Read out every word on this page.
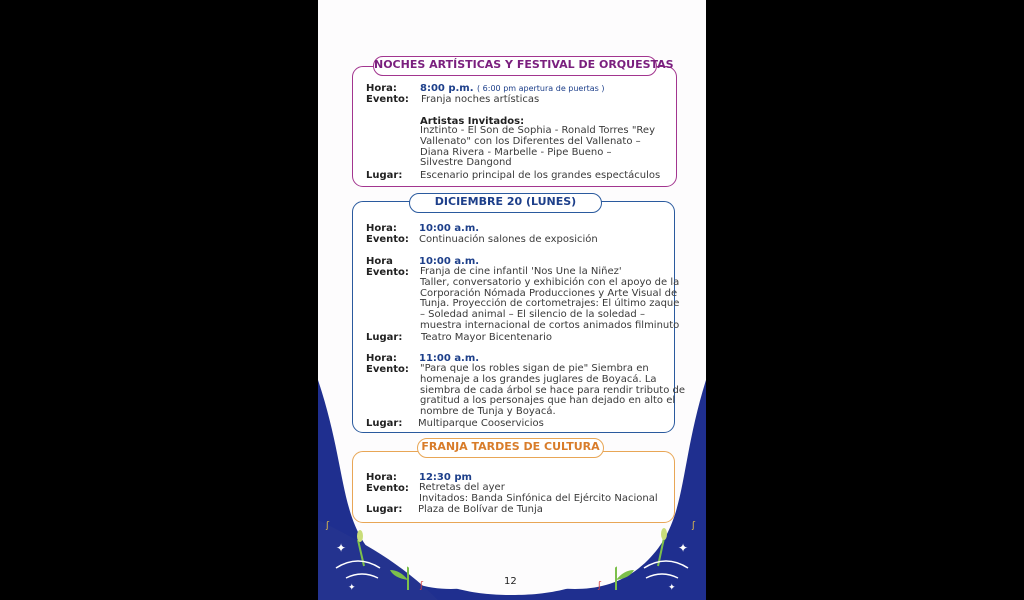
✦
✦
ʃ
ʃ
✦
✦
ʃ
ʃ
NOCHES ARTÍSTICAS Y FESTIVAL DE ORQUESTAS
Hora: 8:00 p.m. ( 6:00 pm apertura de puertas )
Evento: Franja noches artísticas
Artistas Invitados:
Inztinto - El Son de Sophia - Ronald Torres "Rey
Vallenato" con los Diferentes del Vallenato –
Diana Rivera - Marbelle - Pipe Bueno –
Silvestre Dangond
Lugar: Escenario principal de los grandes espectáculos
DICIEMBRE 20 (LUNES)
Hora: 10:00 a.m.
Evento: Continuación salones de exposición
Hora	10:00 a.m.
Evento: Franja de cine infantil 'Nos Une la Niñez'
Taller, conversatorio y exhibición con el apoyo de la
Corporación Nómada Producciones y Arte Visual de
Tunja. Proyección de cortometrajes: El último zaque
– Soledad animal – El silencio de la soledad –
muestra internacional de cortos animados filminuto
Lugar: Teatro Mayor Bicentenario
Hora: 11:00 a.m.
Evento: "Para que los robles sigan de pie" Siembra en
homenaje a los grandes juglares de Boyacá. La
siembra de cada árbol se hace para rendir tributo de
gratitud a los personajes que han dejado en alto el
nombre de Tunja y Boyacá.
Lugar: Multiparque Cooservicios
FRANJA TARDES DE CULTURA
Hora: 12:30 pm
Evento: Retretas del ayer
Invitados: Banda Sinfónica del Ejército Nacional
Lugar: Plaza de Bolívar de Tunja
12
